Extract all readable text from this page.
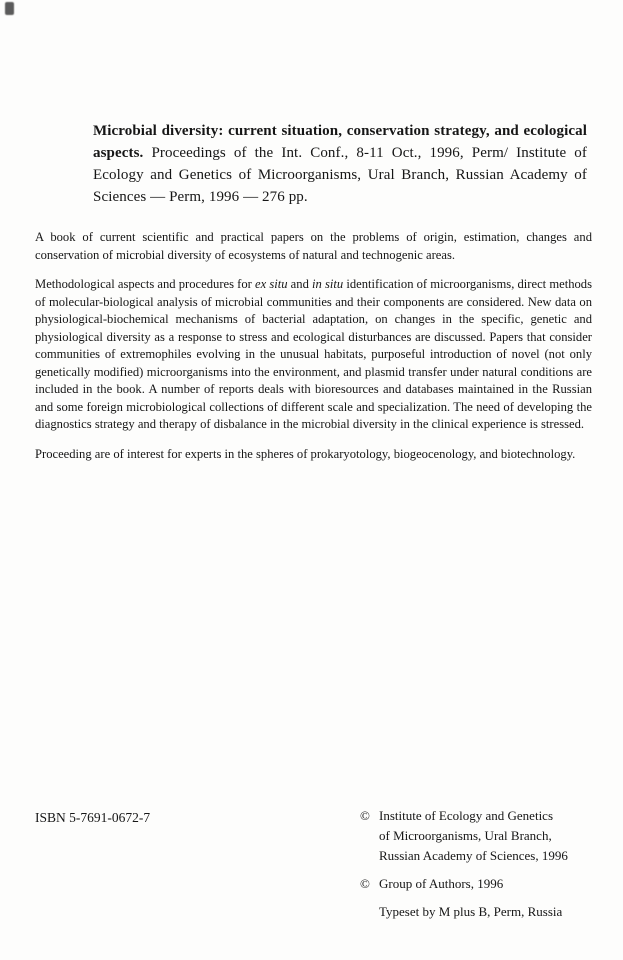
Microbial diversity: current situation, conservation strategy, and ecological aspects. Proceedings of the Int. Conf., 8-11 Oct., 1996, Perm/ Institute of Ecology and Genetics of Microorganisms, Ural Branch, Russian Academy of Sciences — Perm, 1996 — 276 pp.

A book of current scientific and practical papers on the problems of origin, estimation, changes and conservation of microbial diversity of ecosystems of natural and technogenic areas.

Methodological aspects and procedures for ex situ and in situ identification of microorganisms, direct methods of molecular-biological analysis of microbial communities and their components are considered. New data on physiological-biochemical mechanisms of bacterial adaptation, on changes in the specific, genetic and physiological diversity as a response to stress and ecological disturbances are discussed. Papers that consider communities of extremophiles evolving in the unusual habitats, purposeful introduction of novel (not only genetically modified) microorganisms into the environment, and plasmid transfer under natural conditions are included in the book. A number of reports deals with bioresources and databases maintained in the Russian and some foreign microbiological collections of different scale and specialization. The need of developing the diagnostics strategy and therapy of disbalance in the microbial diversity in the clinical experience is stressed.

Proceeding are of interest for experts in the spheres of prokaryotology, biogeocenology, and biotechnology.

ISBN 5-7691-0672-7	© Institute of Ecology and Genetics
of Microorganisms, Ural Branch,
Russian Academy of Sciences, 1996
© Group of Authors, 1996
Typeset by M plus B, Perm, Russia
